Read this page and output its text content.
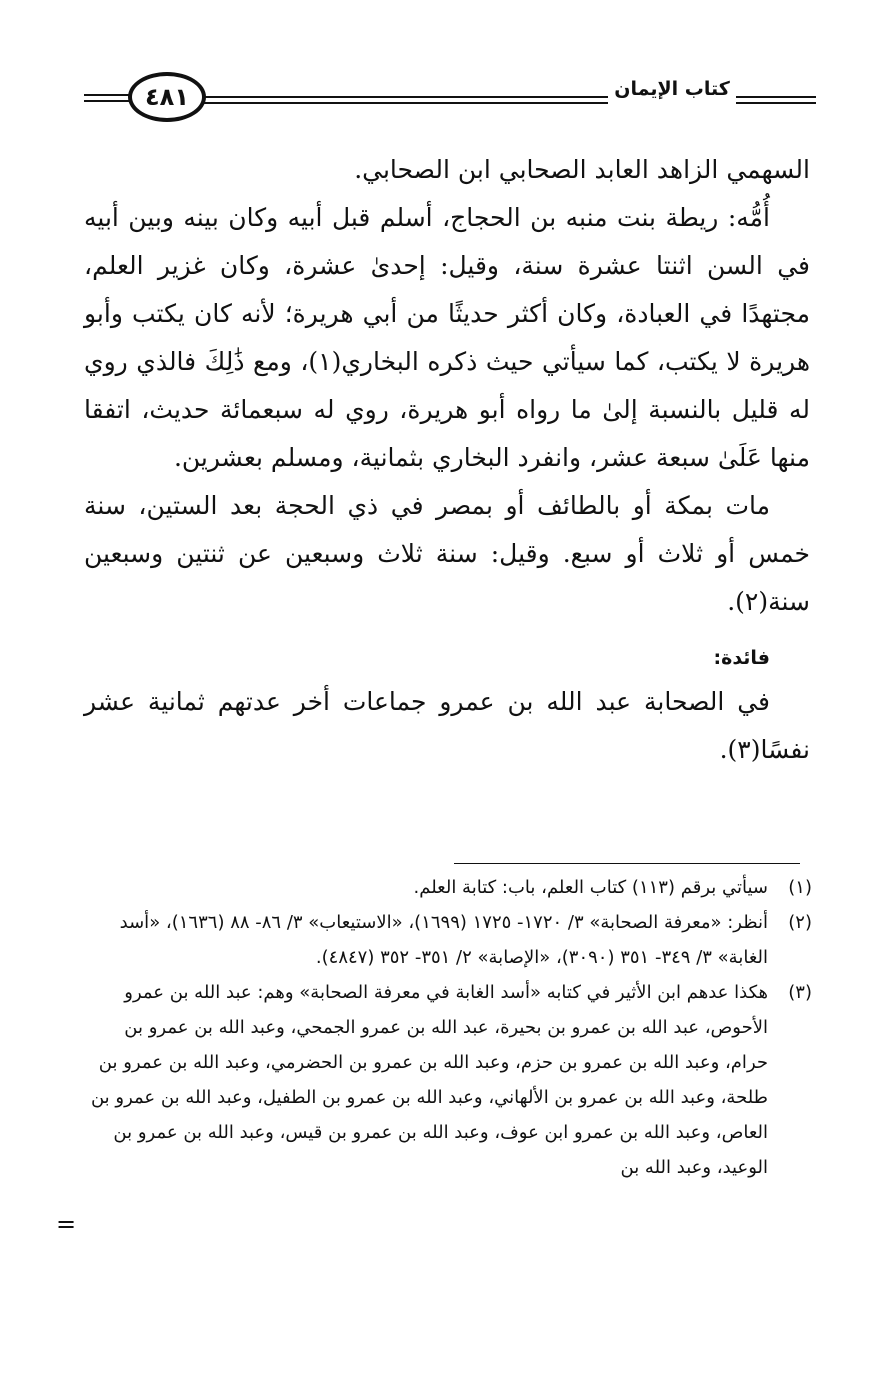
٤٨١	كتاب الإيمان

السهمي الزاهد العابد الصحابي ابن الصحابي.

أُمُّه: ريطة بنت منبه بن الحجاج، أسلم قبل أبيه وكان بينه وبين أبيه في السن اثنتا عشرة سنة، وقيل: إحدىٰ عشرة، وكان غزير العلم، مجتهدًا في العبادة، وكان أكثر حديثًا من أبي هريرة؛ لأنه كان يكتب وأبو هريرة لا يكتب، كما سيأتي حيث ذكره البخاري(١)، ومع ذَٰلِكَ فالذي روي له قليل بالنسبة إلىٰ ما رواه أبو هريرة، روي له سبعمائة حديث، اتفقا منها عَلَىٰ سبعة عشر، وانفرد البخاري بثمانية، ومسلم بعشرين.

مات بمكة أو بالطائف أو بمصر في ذي الحجة بعد الستين، سنة خمس أو ثلاث أو سبع. وقيل: سنة ثلاث وسبعين عن ثنتين وسبعين سنة(٢).

فائدة:

في الصحابة عبد الله بن عمرو جماعات أخر عدتهم ثمانية عشر نفسًا(٣).

(١)
سيأتي برقم (١١٣) كتاب العلم، باب: كتابة العلم.
(٢)
أنظر: «معرفة الصحابة» ٣/ ١٧٢٠- ١٧٢٥ (١٦٩٩)، «الاستيعاب» ٣/ ٨٦- ٨٨ (١٦٣٦)، «أسد الغابة» ٣/ ٣٤٩- ٣٥١ (٣٠٩٠)، «الإصابة» ٢/ ٣٥١- ٣٥٢ (٤٨٤٧).
(٣)
هكذا عدهم ابن الأثير في كتابه «أسد الغابة في معرفة الصحابة» وهم: عبد الله بن عمرو الأحوص، عبد الله بن عمرو بن بحيرة، عبد الله بن عمرو الجمحي، وعبد الله بن عمرو بن حرام، وعبد الله بن عمرو بن حزم، وعبد الله بن عمرو بن الحضرمي، وعبد الله بن عمرو بن طلحة، وعبد الله بن عمرو بن الألهاني، وعبد الله بن عمرو بن الطفيل، وعبد الله بن عمرو بن العاص، وعبد الله بن عمرو ابن عوف، وعبد الله بن عمرو بن قيس، وعبد الله بن عمرو بن الوعيد، وعبد الله بن
=
